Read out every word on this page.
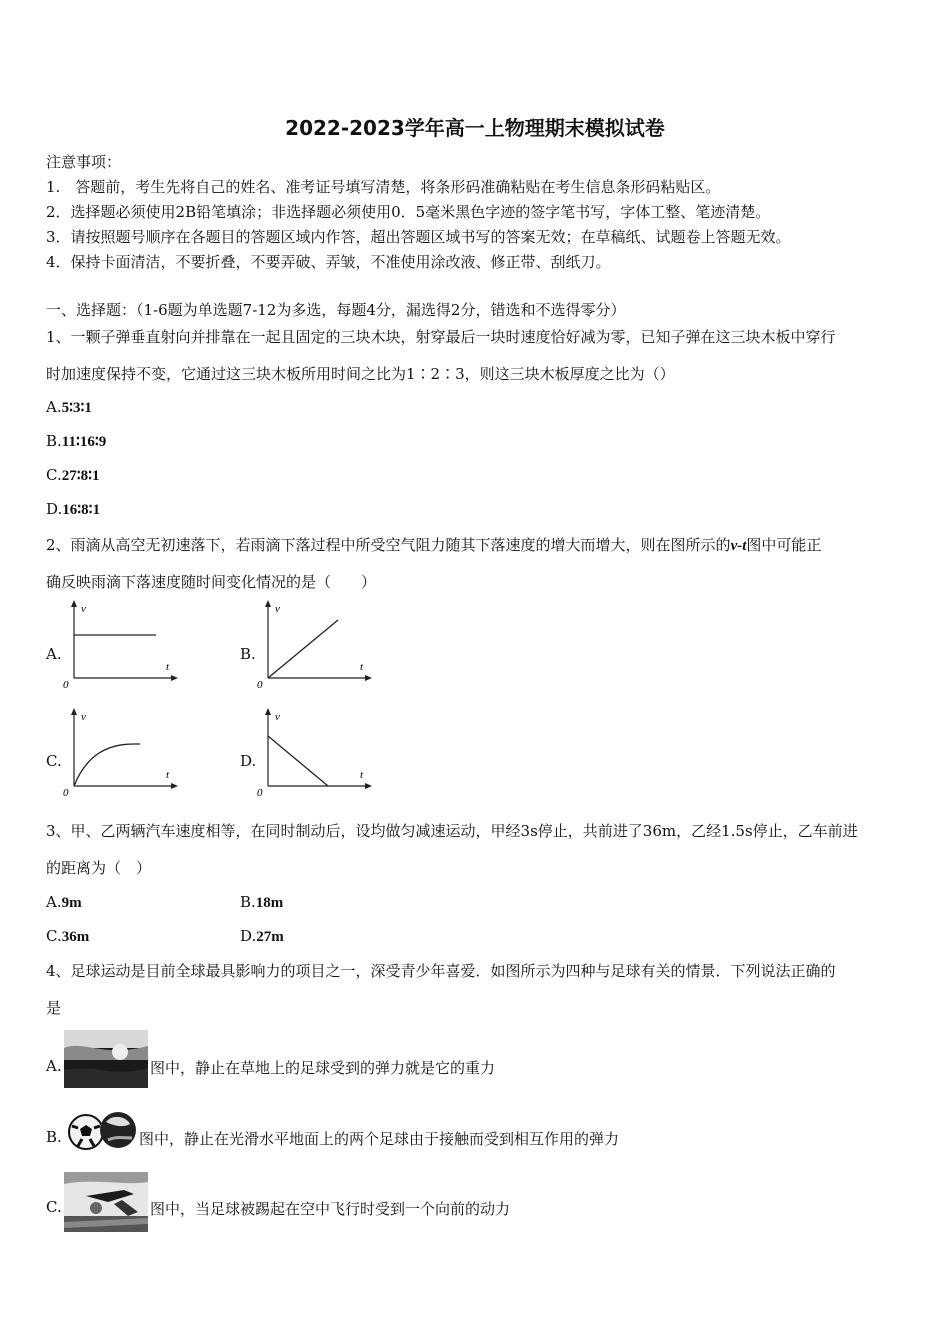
2022-2023学年高一上物理期末模拟试卷
注意事项：
1.　答题前，考生先将自己的姓名、准考证号填写清楚，将条形码准确粘贴在考生信息条形码粘贴区。
2．选择题必须使用2B铅笔填涂；非选择题必须使用0．5毫米黑色字迹的签字笔书写，字体工整、笔迹清楚。
3．请按照题号顺序在各题目的答题区域内作答，超出答题区域书写的答案无效；在草稿纸、试题卷上答题无效。
4．保持卡面清洁，不要折叠，不要弄破、弄皱，不准使用涂改液、修正带、刮纸刀。
一、选择题：（1-6题为单选题7-12为多选，每题4分，漏选得2分，错选和不选得零分）
1、一颗子弹垂直射向并排靠在一起且固定的三块木块，射穿最后一块时速度恰好减为零，已知子弹在这三块木板中穿行
时加速度保持不变，它通过这三块木板所用时间之比为1∶2∶3，则这三块木板厚度之比为（）
A.5∶3∶1
B.11∶16∶9
C.27∶8∶1
D.16∶8∶1
2、雨滴从高空无初速落下，若雨滴下落过程中所受空气阻力随其下落速度的增大而增大，则在图所示的v-t图中可能正
确反映雨滴下落速度随时间变化情况的是（　　）
A.
v
t
0
B.
v
t
0
C.
v
t
0
D.
v
t
0
3、甲、乙两辆汽车速度相等，在同时制动后，设均做匀减速运动，甲经3s停止，共前进了36m，乙经1.5s停止，乙车前进
的距离为（　）
A.9m	B.18m
C.36m	D.27m
4、足球运动是目前全球最具影响力的项目之一，深受青少年喜爱．如图所示为四种与足球有关的情景．下列说法正确的
是
A.	图中，静止在草地上的足球受到的弹力就是它的重力
B.	图中，静止在光滑水平地面上的两个足球由于接触而受到相互作用的弹力
C.	图中，当足球被踢起在空中飞行时受到一个向前的动力
